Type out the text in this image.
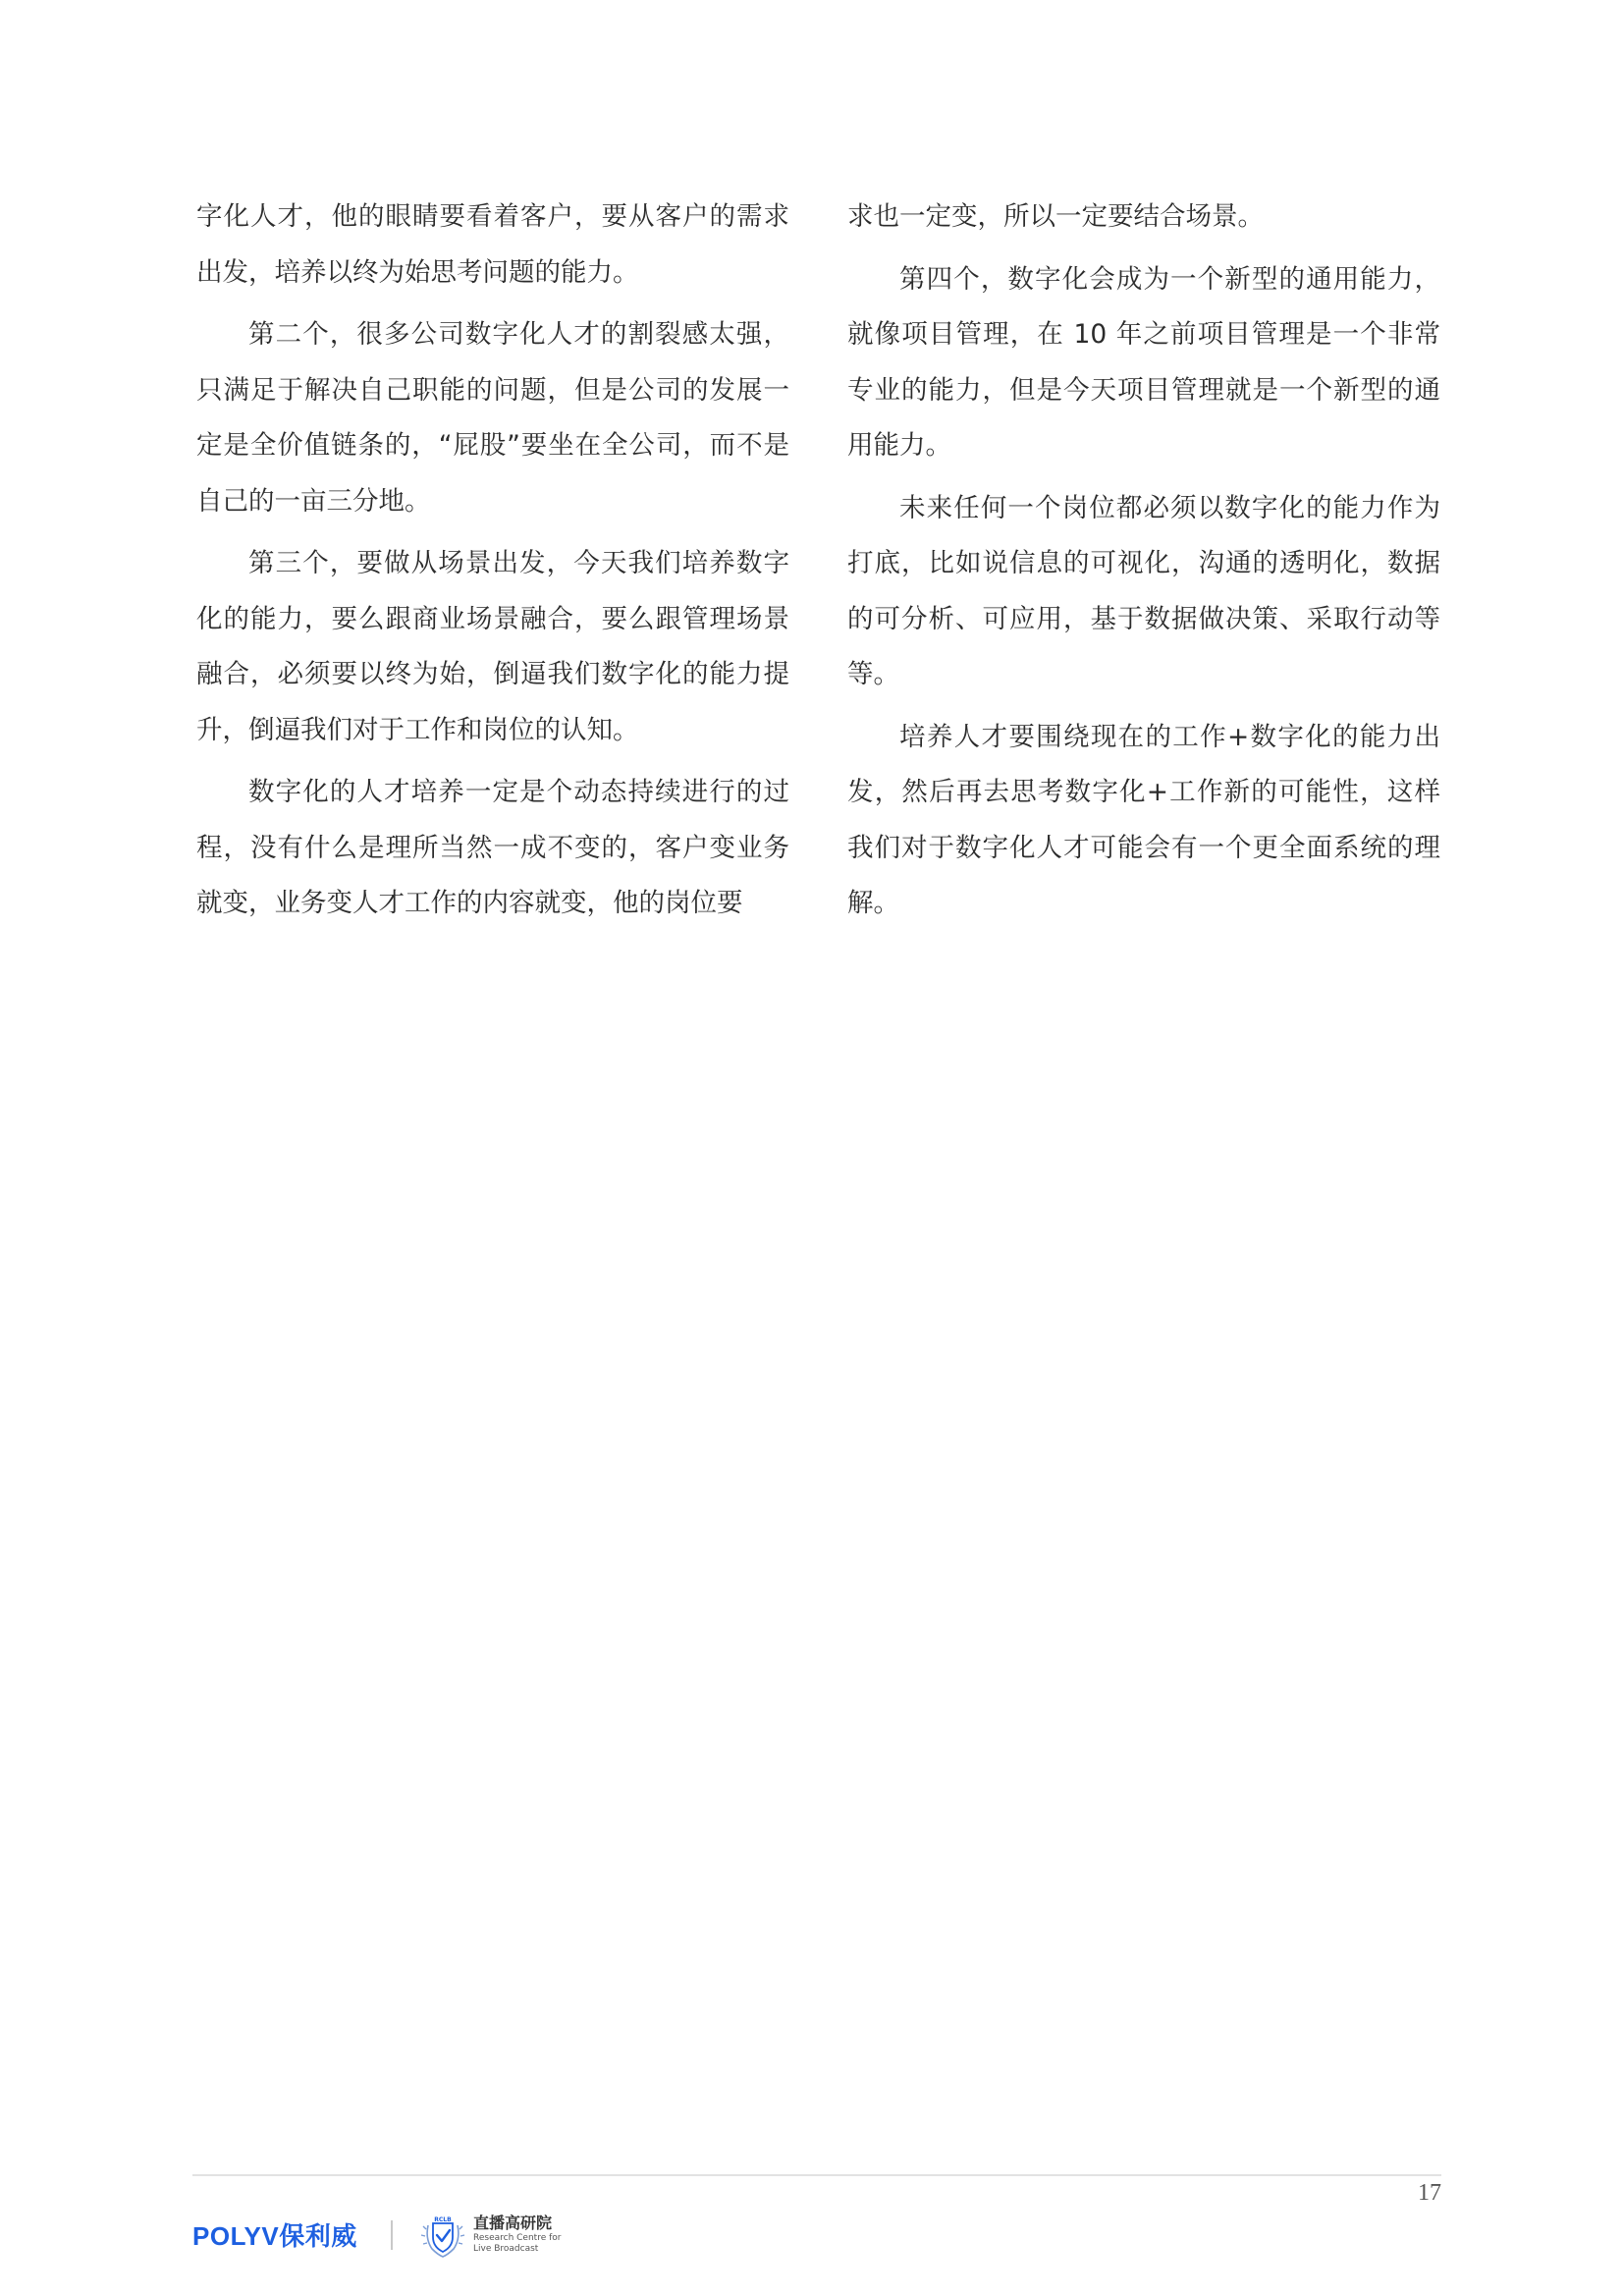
字化人才，他的眼睛要看着客户，要从客户的需求出发，培养以终为始思考问题的能力。

第二个，很多公司数字化人才的割裂感太强，只满足于解决自己职能的问题，但是公司的发展一定是全价值链条的，“屁股”要坐在全公司，而不是自己的一亩三分地。

第三个，要做从场景出发，今天我们培养数字化的能力，要么跟商业场景融合，要么跟管理场景融合，必须要以终为始，倒逼我们数字化的能力提升，倒逼我们对于工作和岗位的认知。

数字化的人才培养一定是个动态持续进行的过程，没有什么是理所当然一成不变的，客户变业务就变，业务变人才工作的内容就变，他的岗位要

求也一定变，所以一定要结合场景。

第四个，数字化会成为一个新型的通用能力，就像项目管理，在 10 年之前项目管理是一个非常专业的能力，但是今天项目管理就是一个新型的通用能力。

未来任何一个岗位都必须以数字化的能力作为打底，比如说信息的可视化，沟通的透明化，数据的可分析、可应用，基于数据做决策、采取行动等等。

培养人才要围绕现在的工作+数字化的能力出发，然后再去思考数字化+工作新的可能性，这样我们对于数字化人才可能会有一个更全面系统的理解。

17
POLYV保利威
RCLB 直播高研院
Research Centre for
Live Broadcast
